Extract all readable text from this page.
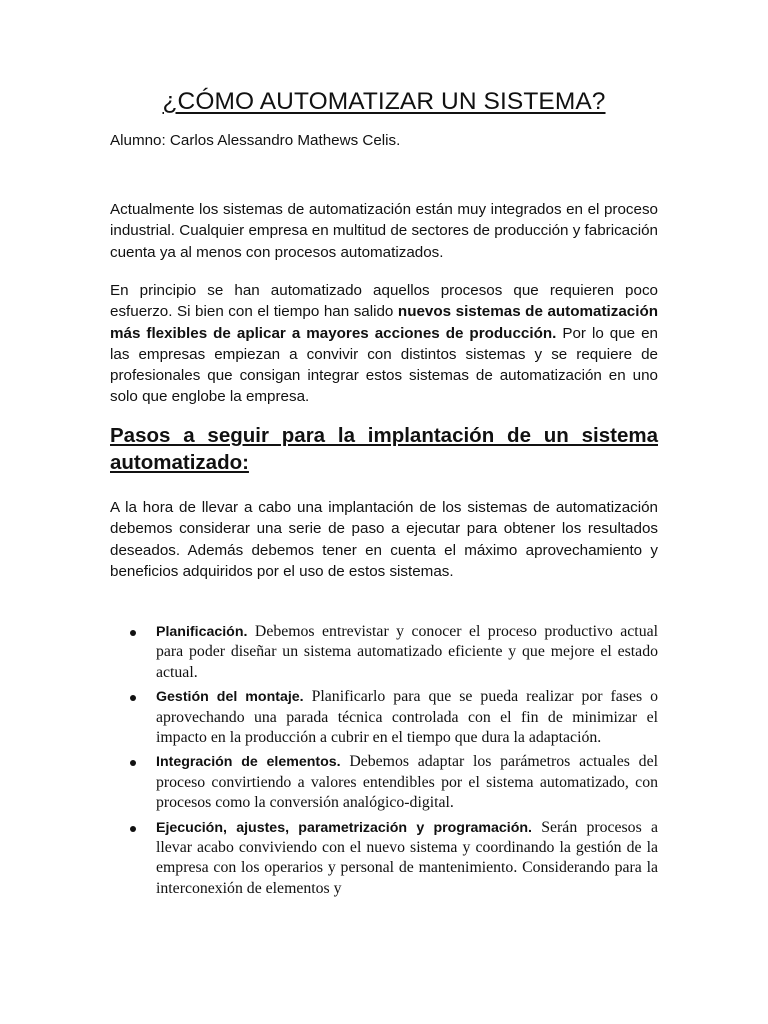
¿CÓMO AUTOMATIZAR UN SISTEMA?
Alumno: Carlos Alessandro Mathews Celis.

Actualmente los sistemas de automatización están muy integrados en el proceso industrial. Cualquier empresa en multitud de sectores de producción y fabricación cuenta ya al menos con procesos automatizados.

En principio se han automatizado aquellos procesos que requieren poco esfuerzo. Si bien con el tiempo han salido nuevos sistemas de automatización más flexibles de aplicar a mayores acciones de producción. Por lo que en las empresas empiezan a convivir con distintos sistemas y se requiere de profesionales que consigan integrar estos sistemas de automatización en uno solo que englobe la empresa.

Pasos a seguir para la implantación de un sistema automatizado:

A la hora de llevar a cabo una implantación de los sistemas de automatización debemos considerar una serie de paso a ejecutar para obtener los resultados deseados. Además debemos tener en cuenta el máximo aprovechamiento y beneficios adquiridos por el uso de estos sistemas.

Planificación. Debemos entrevistar y conocer el proceso productivo actual para poder diseñar un sistema automatizado eficiente y que mejore el estado actual.
Gestión del montaje. Planificarlo para que se pueda realizar por fases o aprovechando una parada técnica controlada con el fin de minimizar el impacto en la producción a cubrir en el tiempo que dura la adaptación.
Integración de elementos. Debemos adaptar los parámetros actuales del proceso convirtiendo a valores entendibles por el sistema automatizado, con procesos como la conversión analógico-digital.
Ejecución, ajustes, parametrización y programación. Serán procesos a llevar acabo conviviendo con el nuevo sistema y coordinando la gestión de la empresa con los operarios y personal de mantenimiento. Considerando para la interconexión de elementos y
